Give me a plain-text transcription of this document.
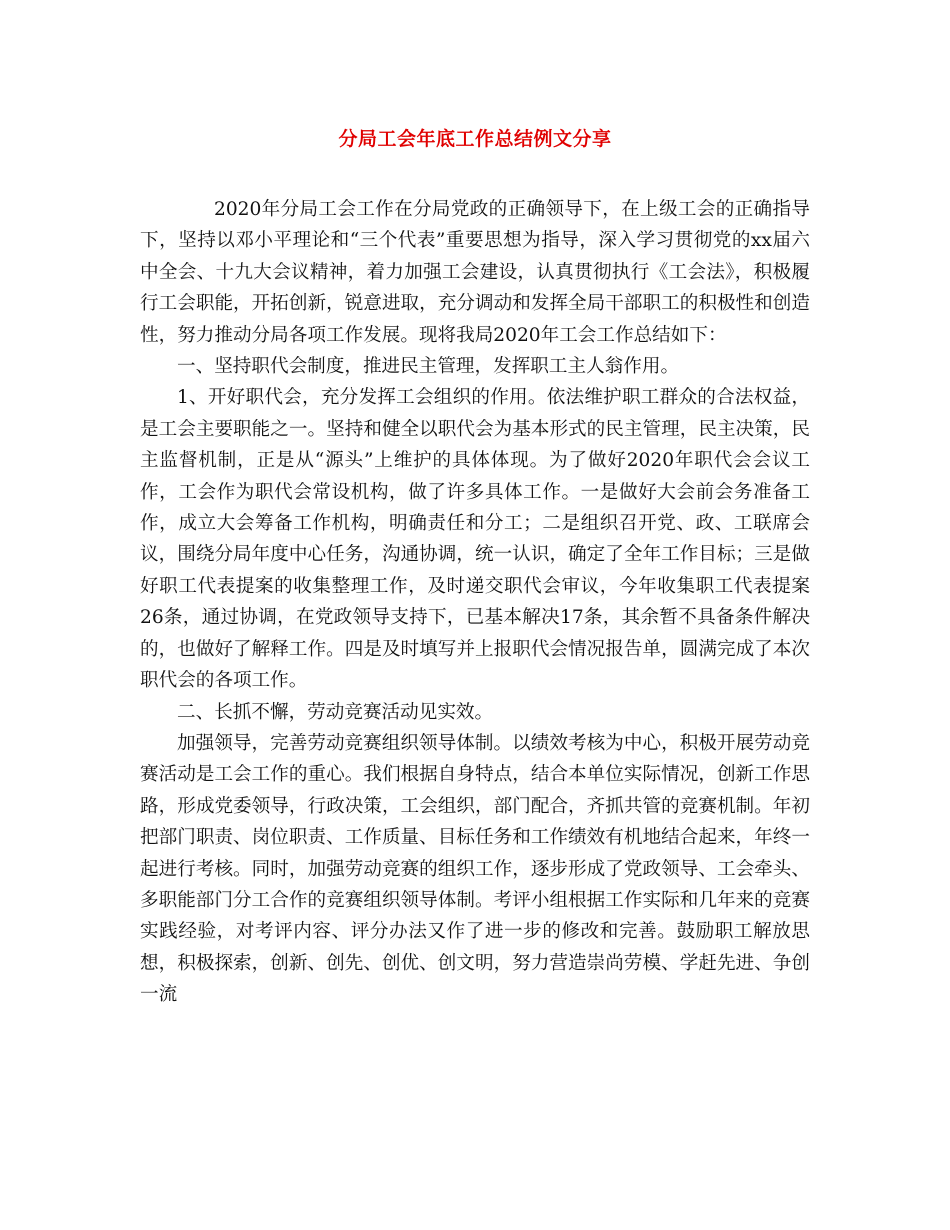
分局工会年底工作总结例文分享

2020年分局工会工作在分局党政的正确领导下，在上级工会的正确指导下，坚持以邓小平理论和“三个代表”重要思想为指导，深入学习贯彻党的xx届六中全会、十九大会议精神，着力加强工会建设，认真贯彻执行《工会法》，积极履行工会职能，开拓创新，锐意进取，充分调动和发挥全局干部职工的积极性和创造性，努力推动分局各项工作发展。现将我局2020年工会工作总结如下：

一、坚持职代会制度，推进民主管理，发挥职工主人翁作用。

1、开好职代会，充分发挥工会组织的作用。依法维护职工群众的合法权益，是工会主要职能之一。坚持和健全以职代会为基本形式的民主管理，民主决策，民主监督机制，正是从“源头”上维护的具体体现。为了做好2020年职代会会议工作，工会作为职代会常设机构，做了许多具体工作。一是做好大会前会务准备工作，成立大会筹备工作机构，明确责任和分工；二是组织召开党、政、工联席会议，围绕分局年度中心任务，沟通协调，统一认识，确定了全年工作目标；三是做好职工代表提案的收集整理工作，及时递交职代会审议，今年收集职工代表提案26条，通过协调，在党政领导支持下，已基本解决17条，其余暂不具备条件解决的，也做好了解释工作。四是及时填写并上报职代会情况报告单，圆满完成了本次职代会的各项工作。

二、长抓不懈，劳动竞赛活动见实效。

加强领导，完善劳动竞赛组织领导体制。以绩效考核为中心，积极开展劳动竞赛活动是工会工作的重心。我们根据自身特点，结合本单位实际情况，创新工作思路，形成党委领导，行政决策，工会组织，部门配合，齐抓共管的竞赛机制。年初把部门职责、岗位职责、工作质量、目标任务和工作绩效有机地结合起来，年终一起进行考核。同时，加强劳动竞赛的组织工作，逐步形成了党政领导、工会牵头、多职能部门分工合作的竞赛组织领导体制。考评小组根据工作实际和几年来的竞赛实践经验，对考评内容、评分办法又作了进一步的修改和完善。鼓励职工解放思想，积极探索，创新、创先、创优、创文明，努力营造崇尚劳模、学赶先进、争创一流
